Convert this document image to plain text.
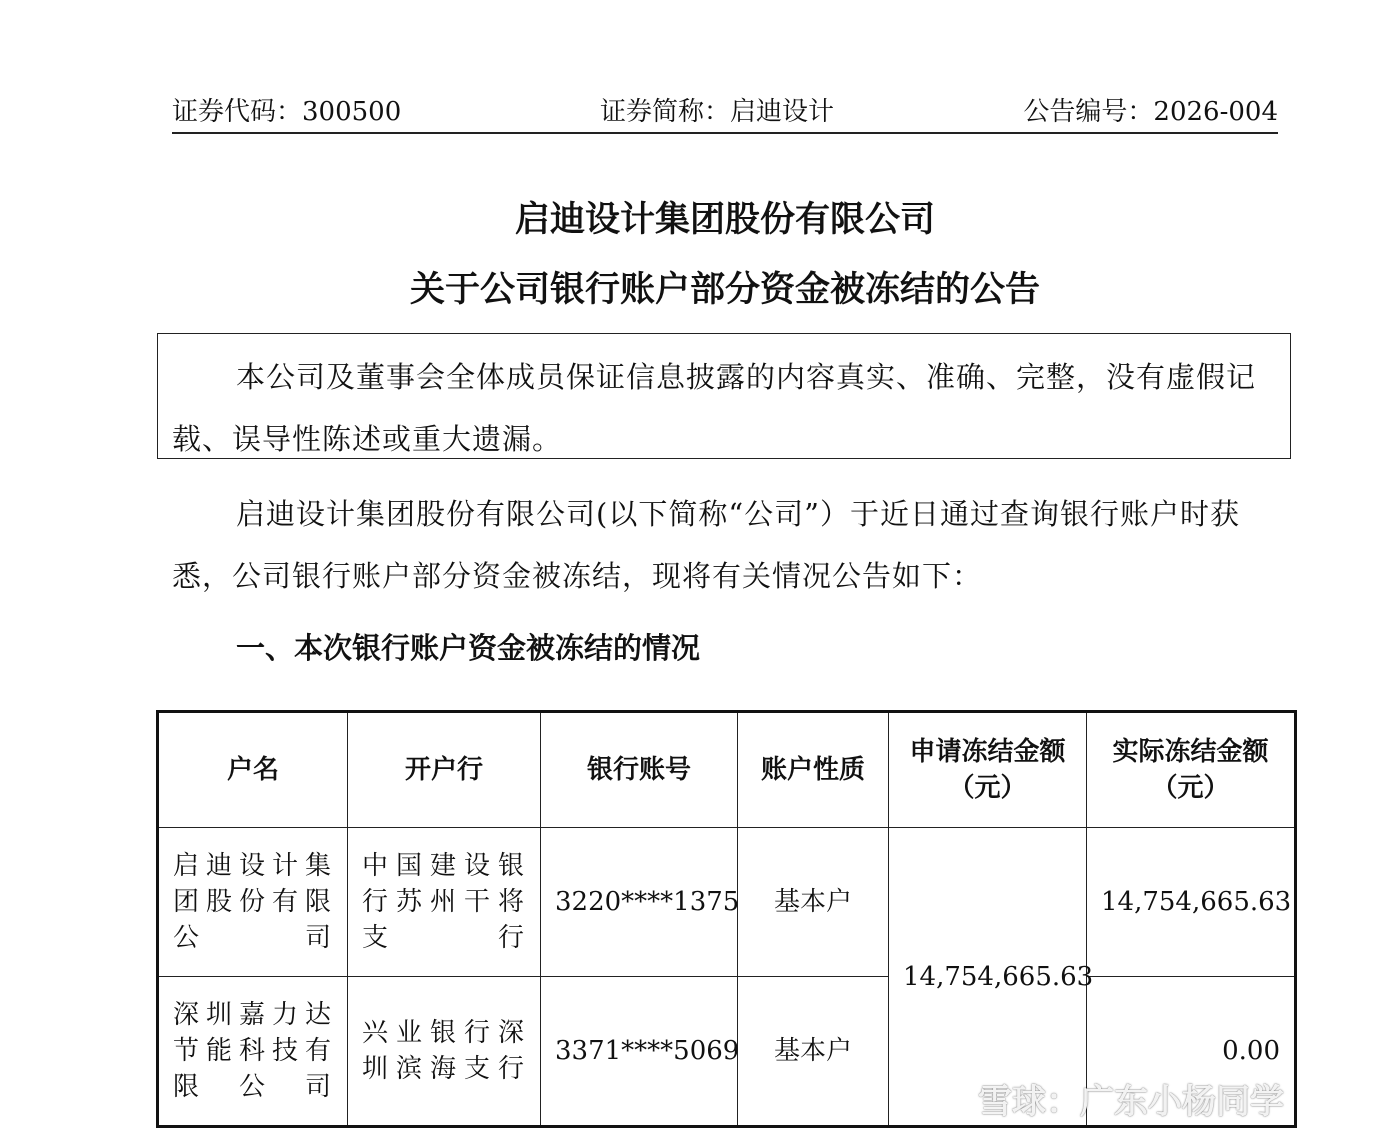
证券代码：300500	证券简称：启迪设计	公告编号：2026-004
启迪设计集团股份有限公司
关于公司银行账户部分资金被冻结的公告
本公司及董事会全体成员保证信息披露的内容真实、准确、完整，没有虚假记载、误导性陈述或重大遗漏。
启迪设计集团股份有限公司(以下简称“公司”）于近日通过查询银行账户时获悉，公司银行账户部分资金被冻结，现将有关情况公告如下：
一、本次银行账户资金被冻结的情况
户名	开户行	银行账号	账户性质	申请冻结金额（元）	实际冻结金额（元）
启迪设计集团股份有限公司	中国建设银行苏州干将支行	3220****1375	基本户	14,754,665.63	14,754,665.63
深圳嘉力达节能科技有限公司	兴业银行深圳滨海支行	3371****5069	基本户		0.00
雪球：广东小杨同学
